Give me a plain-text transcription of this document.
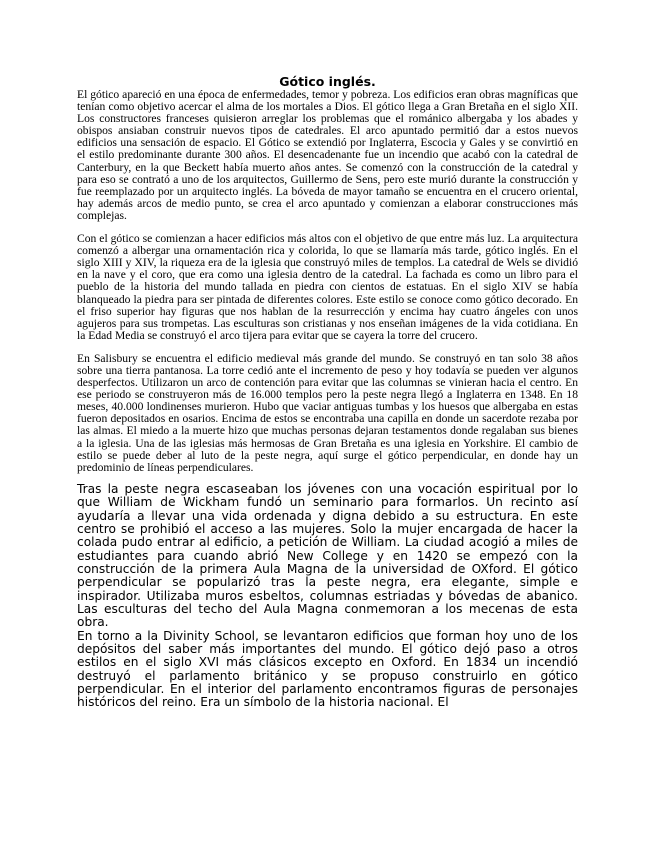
Gótico inglés.

El gótico apareció en una época de enfermedades, temor y pobreza. Los edificios eran obras magníficas que tenían como objetivo acercar el alma de los mortales a Dios. El gótico llega a Gran Bretaña en el siglo XII. Los constructores franceses quisieron arreglar los problemas que el románico albergaba y los abades y obispos ansiaban construir nuevos tipos de catedrales. El arco apuntado permitió dar a estos nuevos edificios una sensación de espacio. El Gótico se extendió por Inglaterra, Escocia y Gales y se convirtió en el estilo predominante durante 300 años. El desencadenante fue un incendio que acabó con la catedral de Canterbury, en la que Beckett había muerto años antes. Se comenzó con la construcción de la catedral y para eso se contrató a uno de los arquitectos, Guillermo de Sens, pero este murió durante la construcción y fue reemplazado por un arquitecto inglés. La bóveda de mayor tamaño se encuentra en el crucero oriental, hay además arcos de medio punto, se crea el arco apuntado y comienzan a elaborar construcciones más complejas.

Con el gótico se comienzan a hacer edificios más altos con el objetivo de que entre más luz. La arquitectura comenzó a albergar una ornamentación rica y colorida, lo que se llamaría más tarde, gótico inglés. En el siglo XIII y XIV, la riqueza era de la iglesia que construyó miles de templos. La catedral de Wels se dividió en la nave y el coro, que era como una iglesia dentro de la catedral. La fachada es como un libro para el pueblo de la historia del mundo tallada en piedra con cientos de estatuas. En el siglo XIV se había blanqueado la piedra para ser pintada de diferentes colores. Este estilo se conoce como gótico decorado. En el friso superior hay figuras que nos hablan de la resurrección y encima hay cuatro ángeles con unos agujeros para sus trompetas. Las esculturas son cristianas y nos enseñan imágenes de la vida cotidiana. En la Edad Media se construyó el arco tijera para evitar que se cayera la torre del crucero.

En Salisbury se encuentra el edificio medieval más grande del mundo. Se construyó en tan solo 38 años sobre una tierra pantanosa. La torre cedió ante el incremento de peso y hoy todavía se pueden ver algunos desperfectos. Utilizaron un arco de contención para evitar que las columnas se vinieran hacia el centro. En ese periodo se construyeron más de 16.000 templos pero la peste negra llegó a Inglaterra en 1348. En 18 meses, 40.000 londinenses murieron. Hubo que vaciar antiguas tumbas y los huesos que albergaba en estas fueron depositados en osarios. Encima de estos se encontraba una capilla en donde un sacerdote rezaba por las almas. El miedo a la muerte hizo que muchas personas dejaran testamentos donde regalaban sus bienes a la iglesia. Una de las iglesias más hermosas de Gran Bretaña es una iglesia en Yorkshire. El cambio de estilo se puede deber al luto de la peste negra, aquí surge el gótico perpendicular, en donde hay un predominio de líneas perpendiculares.

Tras la peste negra escaseaban los jóvenes con una vocación espiritual por lo que William de Wickham fundó un seminario para formarlos. Un recinto así ayudaría a llevar una vida ordenada y digna debido a su estructura. En este centro se prohibió el acceso a las mujeres. Solo la mujer encargada de hacer la colada pudo entrar al edificio, a petición de William. La ciudad acogió a miles de estudiantes para cuando abrió New College y en 1420 se empezó con la construcción de la primera Aula Magna de la universidad de OXford. El gótico perpendicular se popularizó tras la peste negra, era elegante, simple e inspirador. Utilizaba muros esbeltos, columnas estriadas y bóvedas de abanico. Las esculturas del techo del Aula Magna conmemoran a los mecenas de esta obra.

En torno a la Divinity School, se levantaron edificios que forman hoy uno de los depósitos del saber más importantes del mundo. El gótico dejó paso a otros estilos en el siglo XVI más clásicos excepto en Oxford. En 1834 un incendió destruyó el parlamento británico y se propuso construirlo en gótico perpendicular. En el interior del parlamento encontramos figuras de personajes históricos del reino. Era un símbolo de la historia nacional. El
